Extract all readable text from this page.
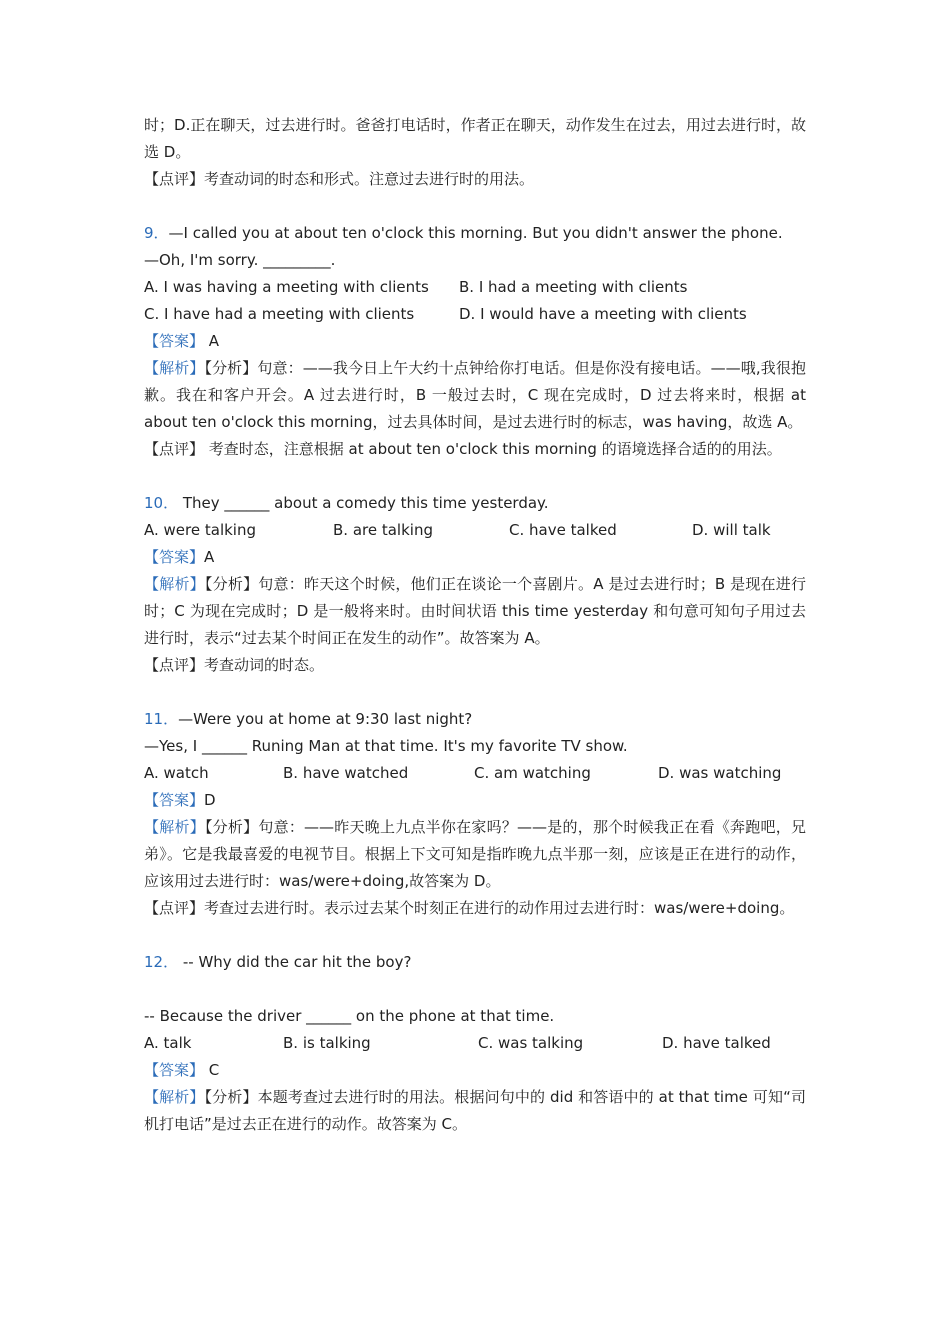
时；D.正在聊天，过去进行时。爸爸打电话时，作者正在聊天，动作发生在过去，用过去进行时，故选 D。

【点评】考查动词的时态和形式。注意过去进行时的用法。

9．—I called you at about ten o'clock this morning. But you didn't answer the phone.

—Oh, I'm sorry. _________.

A. I was having a meeting with clients	B. I had a meeting with clients
C. I have had a meeting with clients	D. I would have a meeting with clients

【答案】 A

【解析】【分析】句意：——我今日上午大约十点钟给你打电话。但是你没有接电话。——哦,我很抱歉。我在和客户开会。A 过去进行时，B 一般过去时，C 现在完成时，D 过去将来时，根据 at about ten o'clock this morning，过去具体时间，是过去进行时的标志，was having，故选 A。

【点评】 考查时态，注意根据 at about ten o'clock this morning 的语境选择合适的的用法。

10． They ______ about a comedy this time yesterday.

A. were talking	B. are talking	C. have talked	D. will talk

【答案】A

【解析】【分析】句意：昨天这个时候，他们正在谈论一个喜剧片。A 是过去进行时；B 是现在进行时；C 为现在完成时；D 是一般将来时。由时间状语 this time yesterday 和句意可知句子用过去进行时，表示“过去某个时间正在发生的动作”。故答案为 A。

【点评】考查动词的时态。

11．—Were you at home at 9:30 last night?

—Yes, I ______ Runing Man at that time. It's my favorite TV show.

A. watch	B. have watched	C. am watching	D. was watching

【答案】D

【解析】【分析】句意：——昨天晚上九点半你在家吗？——是的，那个时候我正在看《奔跑吧，兄弟》。它是我最喜爱的电视节目。根据上下文可知是指昨晚九点半那一刻，应该是正在进行的动作，应该用过去进行时：was/were+doing,故答案为 D。

【点评】考查过去进行时。表示过去某个时刻正在进行的动作用过去进行时：was/were+doing。

12． -- Why did the car hit the boy?

-- Because the driver ______ on the phone at that time.

A. talk	B. is talking	C. was talking	D. have talked

【答案】 C

【解析】【分析】本题考查过去进行时的用法。根据问句中的 did 和答语中的 at that time 可知“司机打电话”是过去正在进行的动作。故答案为 C。
